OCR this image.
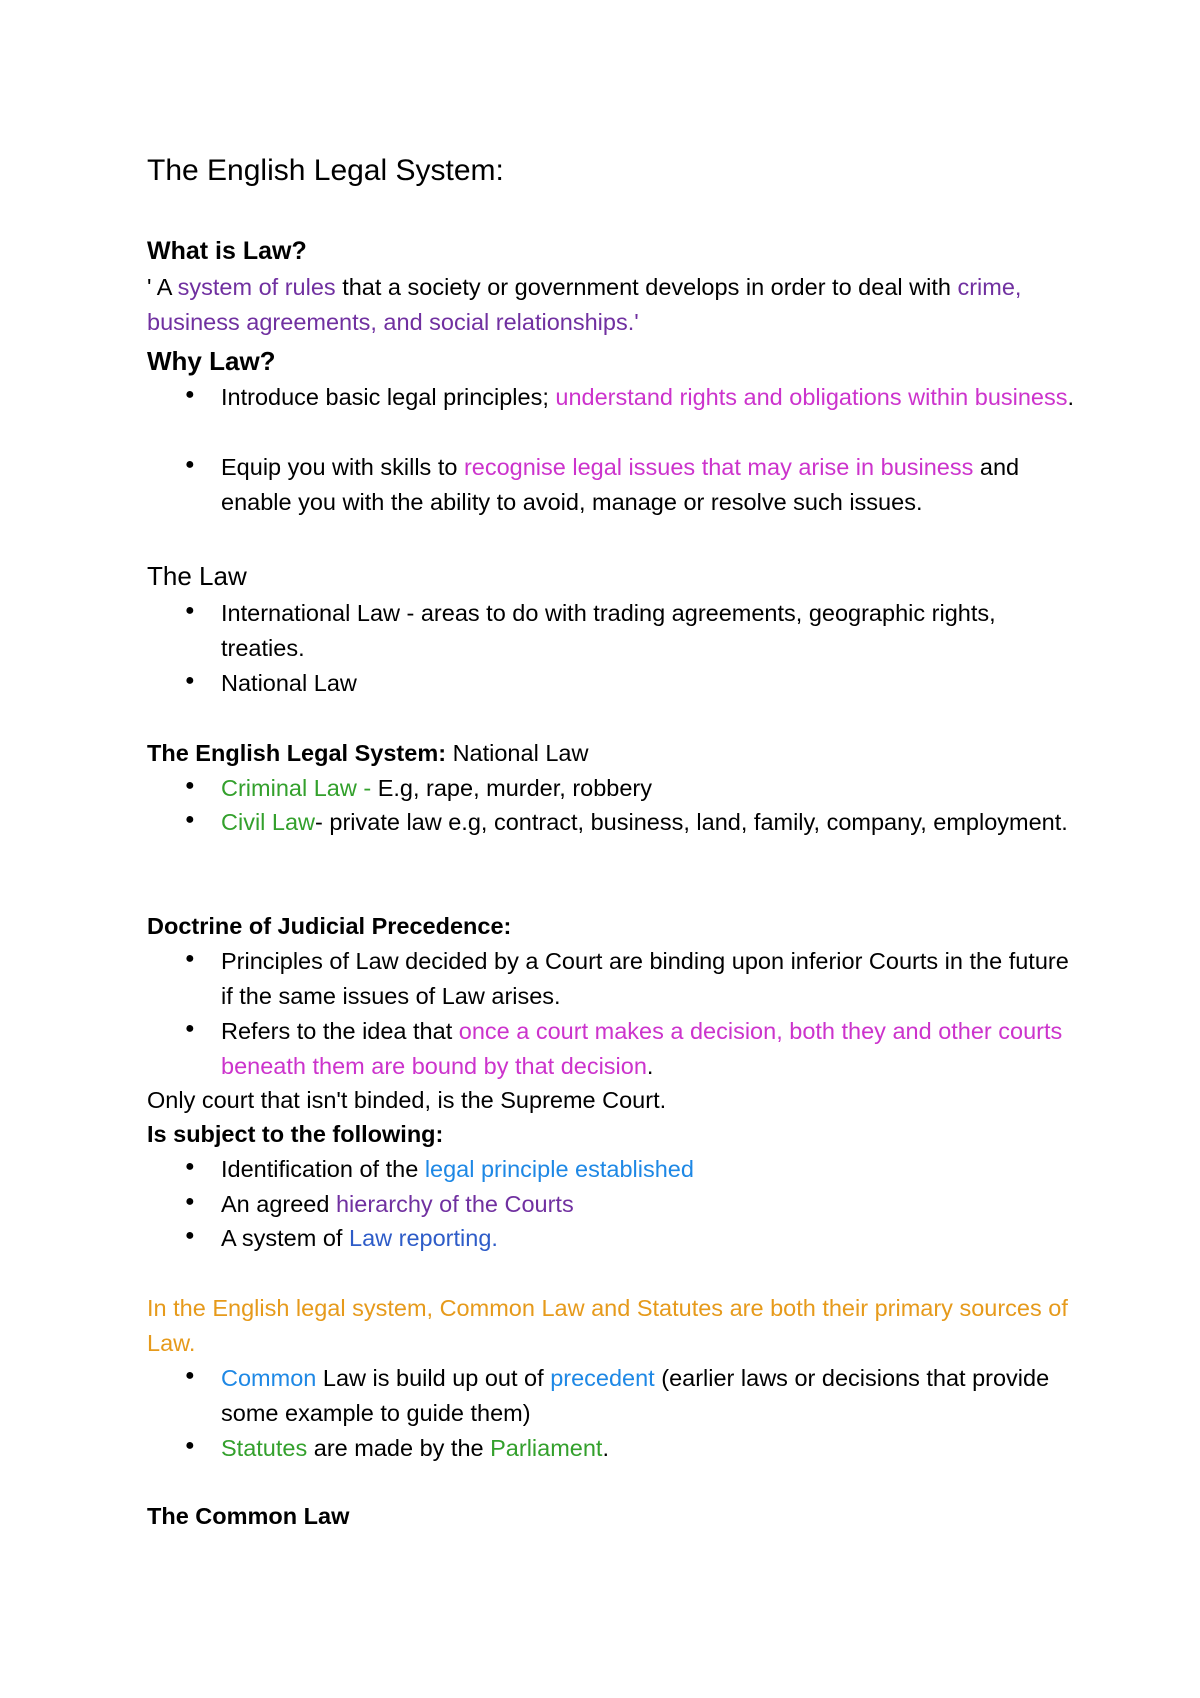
The English Legal System:

What is Law?

' A system of rules that a society or government develops in order to deal with crime, business agreements, and social relationships.'

Why Law?
● Introduce basic legal principles; understand rights and obligations within business.
● Equip you with skills to recognise legal issues that may arise in business and enable you with the ability to avoid, manage or resolve such issues.

The Law

● International Law - areas to do with trading agreements, geographic rights, treaties.
● National Law

The English Legal System: National Law

● Criminal Law - E.g, rape, murder, robbery
● Civil Law- private law e.g, contract, business, land, family, company, employment.

Doctrine of Judicial Precedence:

● Principles of Law decided by a Court are binding upon inferior Courts in the future if the same issues of Law arises.
● Refers to the idea that once a court makes a decision, both they and other courts beneath them are bound by that decision.

Only court that isn't binded, is the Supreme Court.

Is subject to the following:

● Identification of the legal principle established
● An agreed hierarchy of the Courts
● A system of Law reporting.

In the English legal system, Common Law and Statutes are both their primary sources of Law.

● Common Law is build up out of precedent (earlier laws or decisions that provide some example to guide them)
● Statutes are made by the Parliament.

The Common Law
